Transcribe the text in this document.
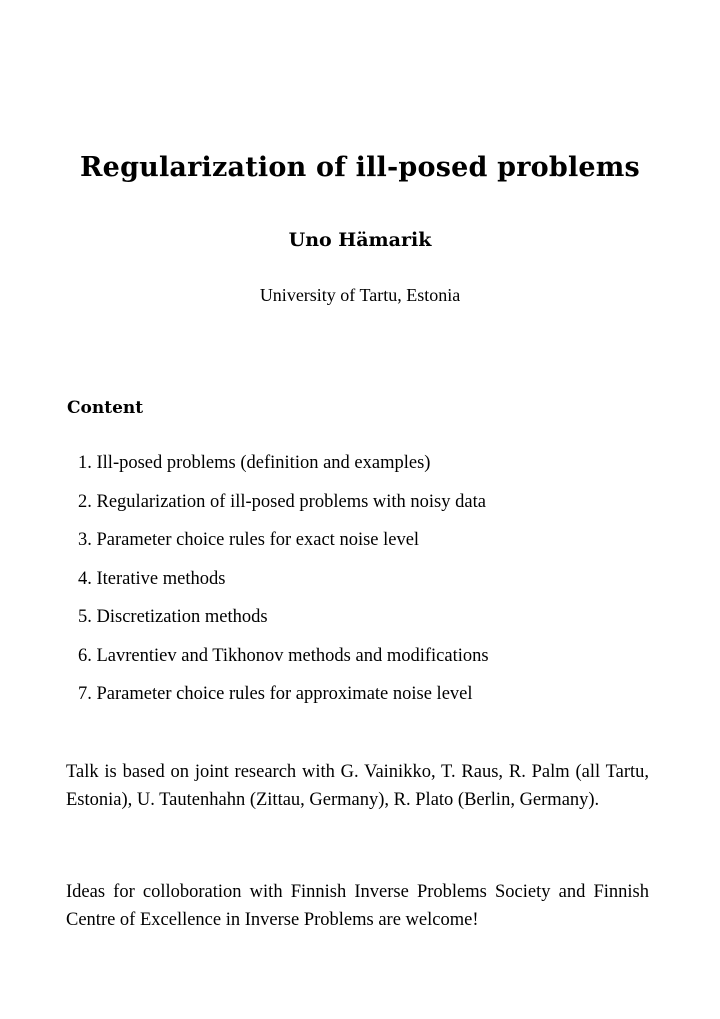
Regularization of ill-posed problems
Uno Hämarik
University of Tartu, Estonia
Content
1. Ill-posed problems (definition and examples)
2. Regularization of ill-posed problems with noisy data
3. Parameter choice rules for exact noise level
4. Iterative methods
5. Discretization methods
6. Lavrentiev and Tikhonov methods and modifications
7. Parameter choice rules for approximate noise level

Talk is based on joint research with G. Vainikko, T. Raus, R. Palm (all Tartu, Estonia), U. Tautenhahn (Zittau, Germany), R. Plato (Berlin, Germany).

Ideas for colloboration with Finnish Inverse Problems Society and Finnish Centre of Excellence in Inverse Problems are welcome!
